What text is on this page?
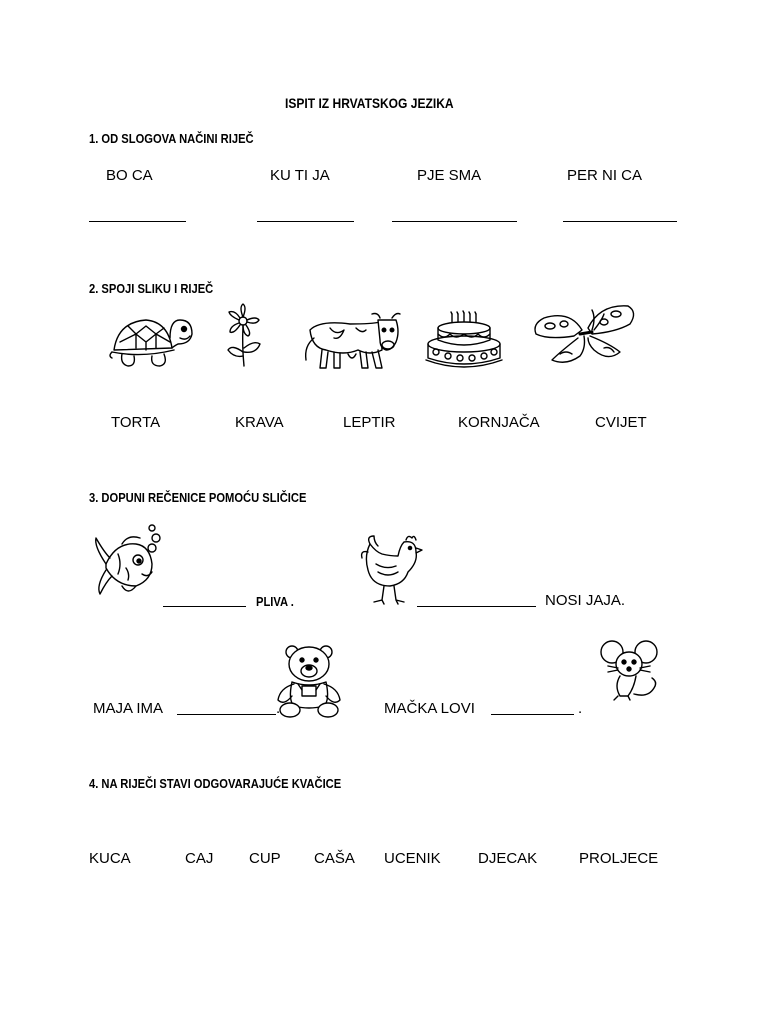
ISPIT IZ HRVATSKOG JEZIKA
1. OD SLOGOVA NAČINI RIJEČ
BO CA	KU TI JA	PJE SMA	PER NI CA
2. SPOJI SLIKU I RIJEČ
TORTA	KRAVA	LEPTIR	KORNJAČA	CVIJET
3. DOPUNI REČENICE POMOĆU SLIČICE
PLIVA .	NOSI JAJA.
MAJA IMA	.	MAČKA LOVI	.
4. NA RIJEČI STAVI ODGOVARAJUĆE KVAČICE
KUCA	CAJ CUP CAŠA UCENIK DJECAK	PROLJECE
